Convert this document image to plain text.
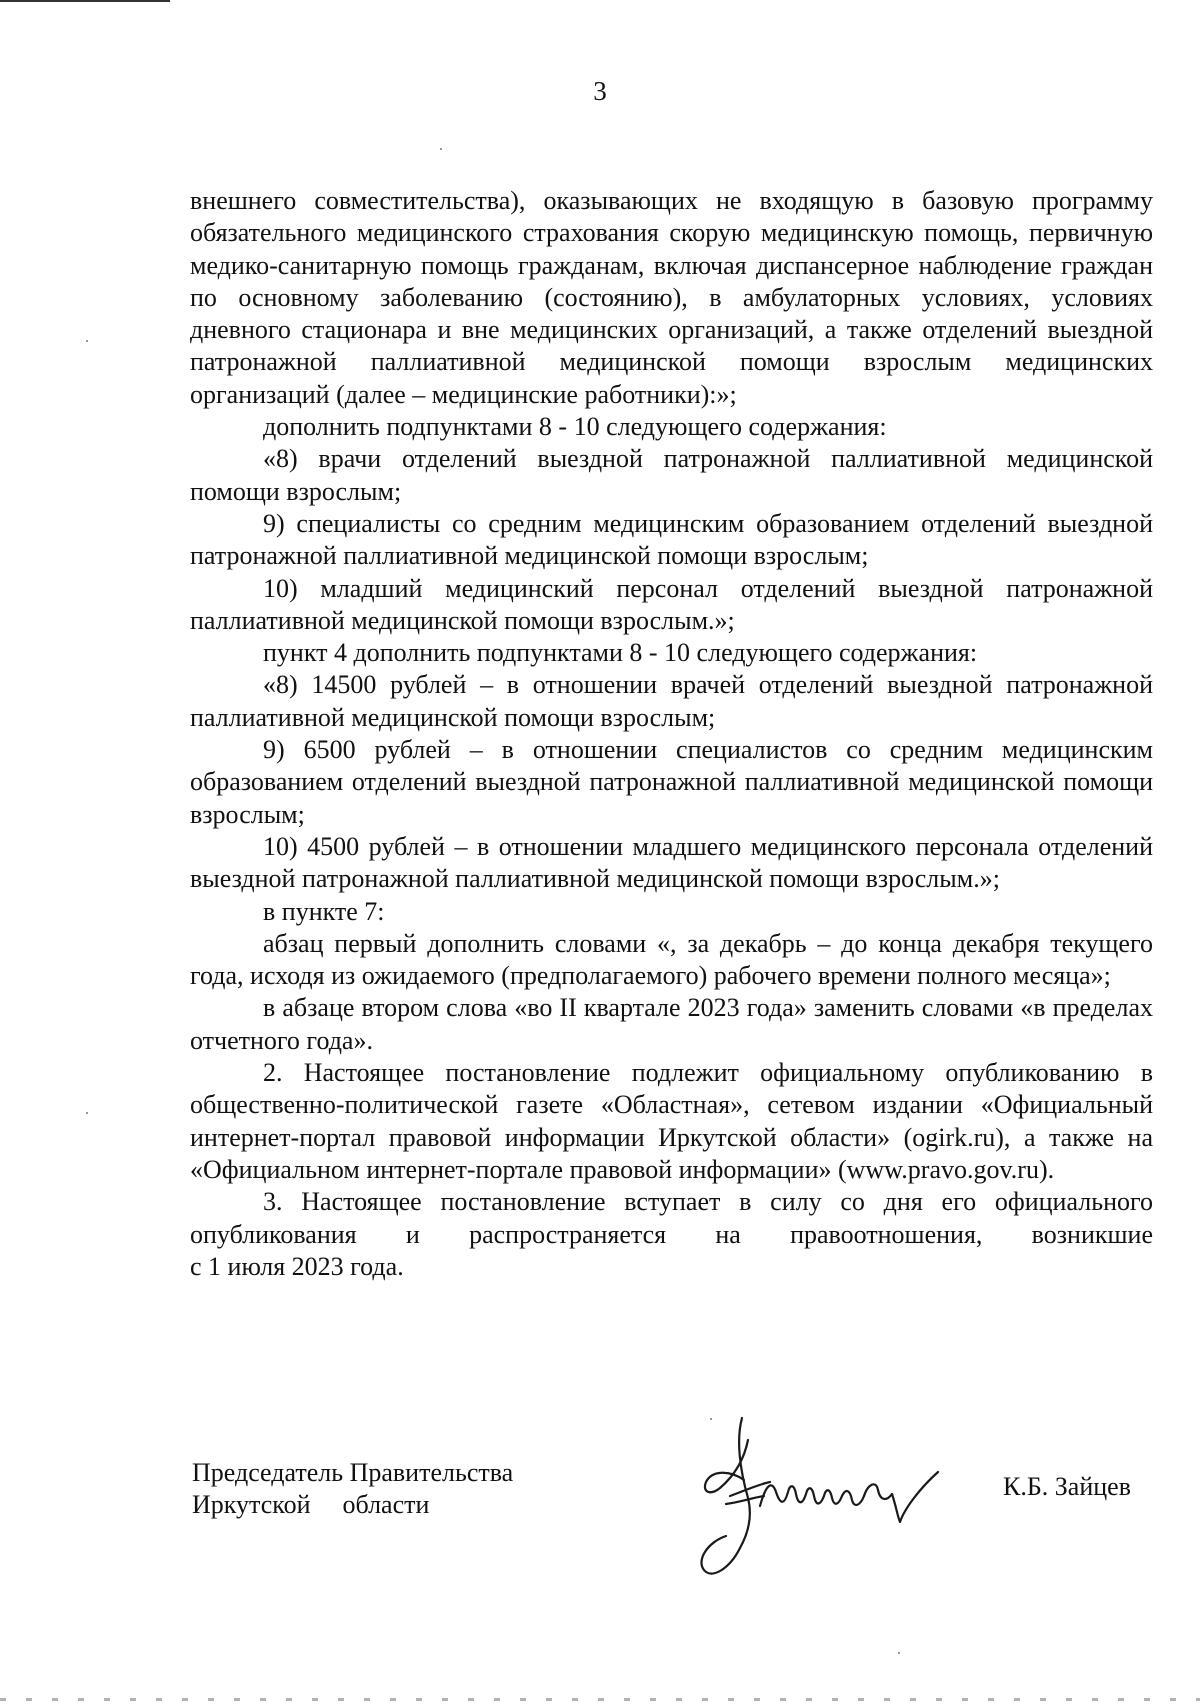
3

внешнего совместительства), оказывающих не входящую в базовую программу обязательного медицинского страхования скорую медицинскую помощь, первичную медико-санитарную помощь гражданам, включая диспансерное наблюдение граждан по основному заболеванию (состоянию), в амбулаторных условиях, условиях дневного стационара и вне медицинских организаций, а также отделений выездной патронажной паллиативной медицинской помощи взрослым медицинских организаций (далее – медицинские работники):»;

дополнить подпунктами 8 - 10 следующего содержания:

«8) врачи отделений выездной патронажной паллиативной медицинской помощи взрослым;

9) специалисты со средним медицинским образованием отделений выездной патронажной паллиативной медицинской помощи взрослым;

10) младший медицинский персонал отделений выездной патронажной паллиативной медицинской помощи взрослым.»;

пункт 4 дополнить подпунктами 8 - 10 следующего содержания:

«8) 14500 рублей – в отношении врачей отделений выездной патронажной паллиативной медицинской помощи взрослым;

9) 6500 рублей – в отношении специалистов со средним медицинским образованием отделений выездной патронажной паллиативной медицинской помощи взрослым;

10) 4500 рублей – в отношении младшего медицинского персонала отделений выездной патронажной паллиативной медицинской помощи взрослым.»;

в пункте 7:

абзац первый дополнить словами «, за декабрь – до конца декабря текущего года, исходя из ожидаемого (предполагаемого) рабочего времени полного месяца»;

в абзаце втором слова «во II квартале 2023 года» заменить словами «в пределах отчетного года».

2. Настоящее постановление подлежит официальному опубликованию в общественно-политической газете «Областная», сетевом издании «Официальный интернет-портал правовой информации Иркутской области» (ogirk.ru), а также на «Официальном интернет-портале правовой информации» (www.pravo.gov.ru).

3. Настоящее постановление вступает в силу со дня его официального опубликования и распространяется на правоотношения, возникшие

с 1 июля 2023 года.

Председатель Правительства
Иркутской области
К.Б. Зайцев
